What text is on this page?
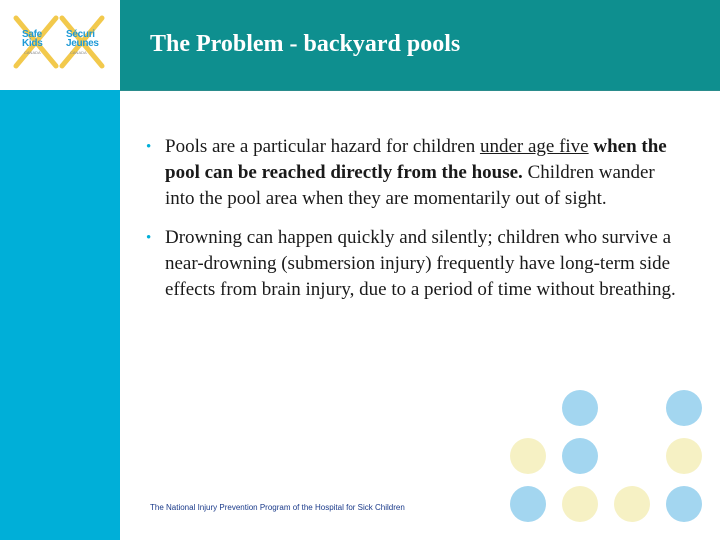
Safe
Kids
CANADA
Sécuri
Jeunes
CANADA	The Problem - backyard pools
• Pools are a particular hazard for children under age five when the pool can be reached directly from the house. Children wander into the pool area when they are momentarily out of sight.
• Drowning can happen quickly and silently; children who survive a near-drowning (submersion injury) frequently have long-term side effects from brain injury, due to a period of time without breathing.
The National Injury Prevention Program of the Hospital for Sick Children
